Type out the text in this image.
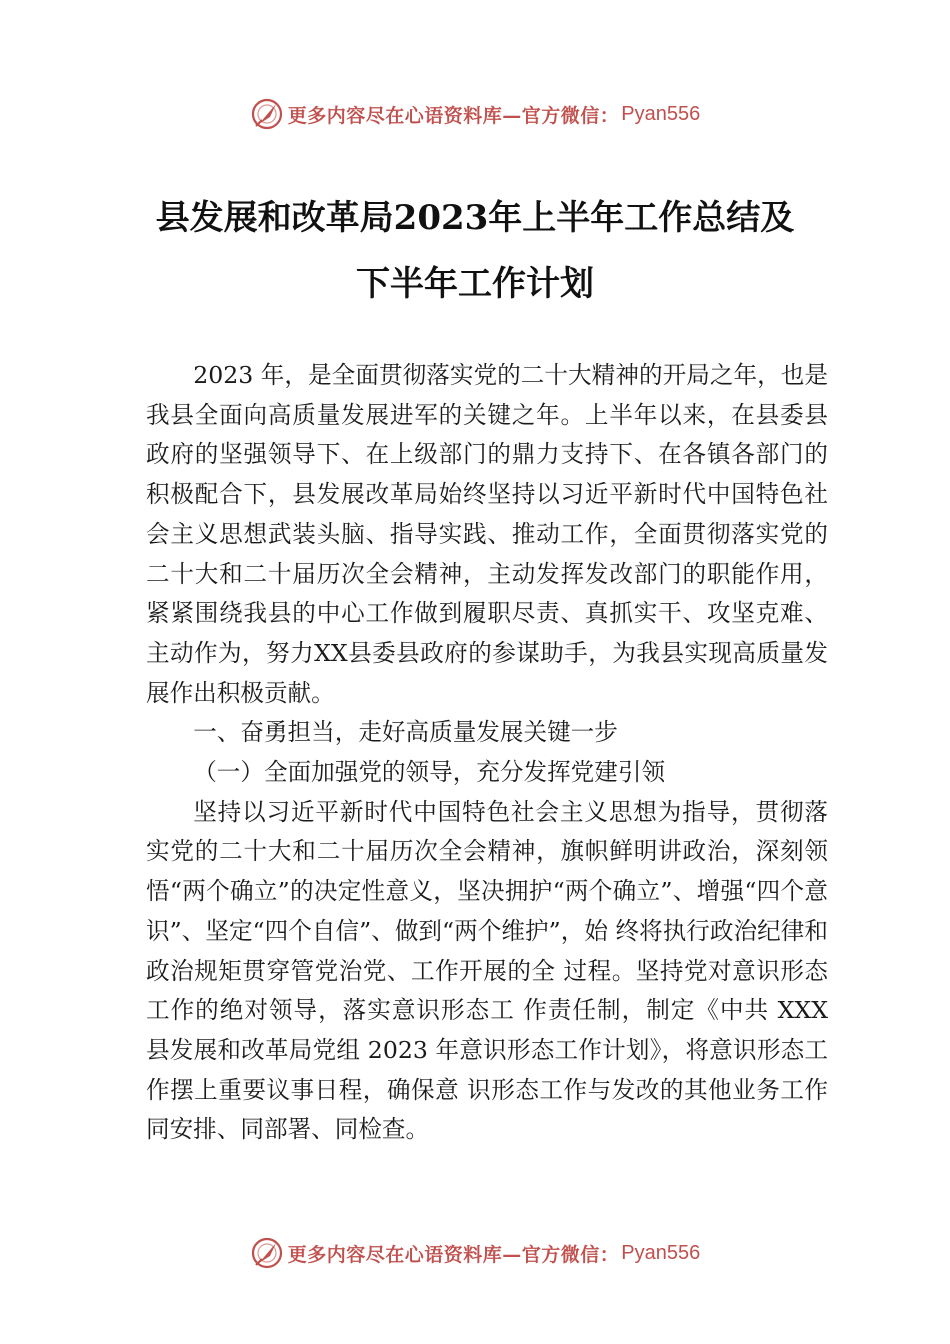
更多内容尽在心语资料库—官方微信： Pyan556
县发展和改革局2023年上半年工作总结及
下半年工作计划

2023 年，是全面贯彻落实党的二十大精神的开局之年，也是我县全面向高质量发展进军的关键之年。上半年以来，在县委县政府的坚强领导下、在上级部门的鼎力支持下、在各镇各部门的积极配合下，县发展改革局始终坚持以习近平新时代中国特色社会主义思想武装头脑、指导实践、推动工作，全面贯彻落实党的二十大和二十届历次全会精神，主动发挥发改部门的职能作用，紧紧围绕我县的中心工作做到履职尽责、真抓实干、攻坚克难、主动作为，努力XX县委县政府的参谋助手，为我县实现高质量发展作出积极贡献。

一、奋勇担当，走好高质量发展关键一步

（一）全面加强党的领导，充分发挥党建引领

坚持以习近平新时代中国特色社会主义思想为指导，贯彻落实党的二十大和二十届历次全会精神，旗帜鲜明讲政治，深刻领悟“两个确立”的决定性意义，坚决拥护“两个确立”、增强“四个意识”、坚定“四个自信”、做到“两个维护”，始 终将执行政治纪律和政治规矩贯穿管党治党、工作开展的全 过程。坚持党对意识形态工作的绝对领导，落实意识形态工 作责任制，制定《中共 XXX 县发展和改革局党组 2023 年意识形态工作计划》，将意识形态工作摆上重要议事日程，确保意 识形态工作与发改的其他业务工作同安排、同部署、同检查。

更多内容尽在心语资料库—官方微信： Pyan556
